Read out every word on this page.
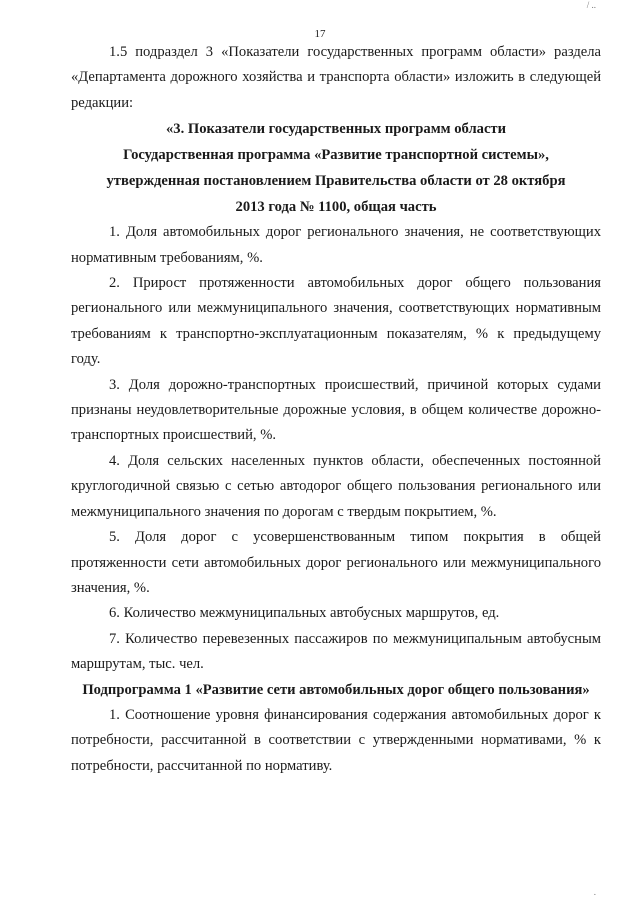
/ ..
17

1.5 подраздел 3 «Показатели государственных программ области» раздела «Департамента дорожного хозяйства и транспорта области» изложить в следующей редакции:

«3. Показатели государственных программ области
Государственная программа «Развитие транспортной системы»,
утвержденная постановлением Правительства области от 28 октября
2013 года № 1100, общая часть

1. Доля автомобильных дорог регионального значения, не соответствующих нормативным требованиям, %.

2. Прирост протяженности автомобильных дорог общего пользования регионального или межмуниципального значения, соответствующих нормативным требованиям к транспортно-эксплуатационным показателям, % к предыдущему году.

3. Доля дорожно-транспортных происшествий, причиной которых судами признаны неудовлетворительные дорожные условия, в общем количестве дорожно-транспортных происшествий, %.

4. Доля сельских населенных пунктов области, обеспеченных постоянной круглогодичной связью с сетью автодорог общего пользования регионального или межмуниципального значения по дорогам с твердым покрытием, %.

5. Доля дорог с усовершенствованным типом покрытия в общей протяженности сети автомобильных дорог регионального или межмуниципального значения, %.

6. Количество межмуниципальных автобусных маршрутов, ед.

7. Количество перевезенных пассажиров по межмуниципальным автобусным маршрутам, тыс. чел.

Подпрограмма 1 «Развитие сети автомобильных дорог общего пользования»

1. Соотношение уровня финансирования содержания автомобильных дорог к потребности, рассчитанной в соответствии с утвержденными нормативами, % к потребности, рассчитанной по нормативу.

.
